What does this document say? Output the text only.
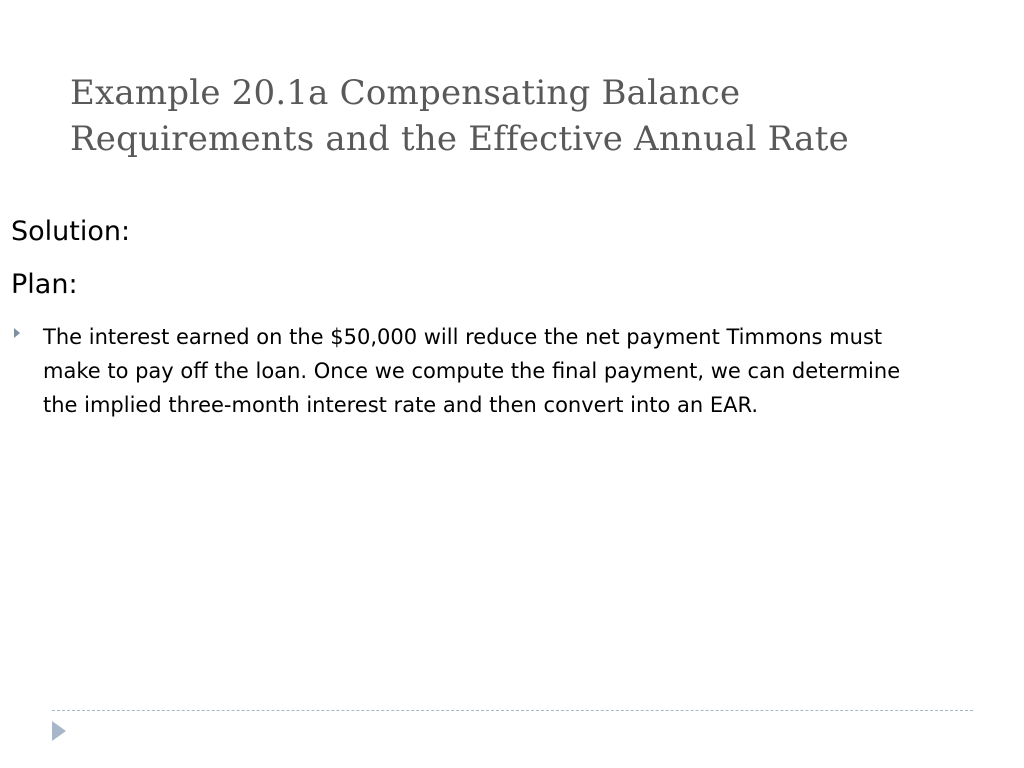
Example 20.1a Compensating Balance
Requirements and the Effective Annual Rate
Solution:
Plan:

The interest earned on the $50,000 will reduce the net payment Timmons must make to pay off the loan. Once we compute the final payment, we can determine the implied three-month interest rate and then convert into an EAR.
